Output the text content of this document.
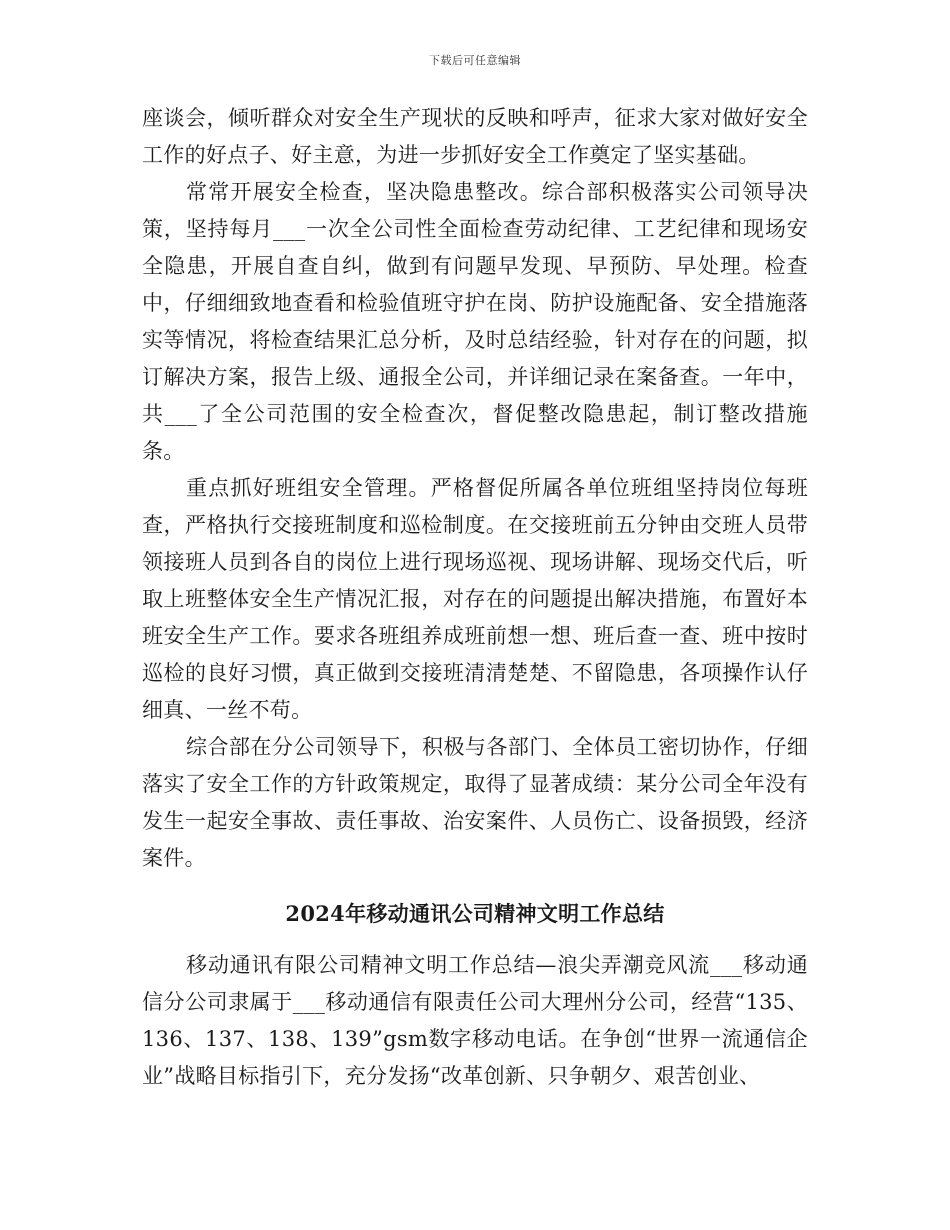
下载后可任意编辑

座谈会，倾听群众对安全生产现状的反映和呼声，征求大家对做好安全工作的好点子、好主意，为进一步抓好安全工作奠定了坚实基础。

常常开展安全检查，坚决隐患整改。综合部积极落实公司领导决策，坚持每月___一次全公司性全面检查劳动纪律、工艺纪律和现场安全隐患，开展自查自纠，做到有问题早发现、早预防、早处理。检查中，仔细细致地查看和检验值班守护在岗、防护设施配备、安全措施落实等情况，将检查结果汇总分析，及时总结经验，针对存在的问题，拟订解决方案，报告上级、通报全公司，并详细记录在案备查。一年中，共___了全公司范围的安全检查次，督促整改隐患起，制订整改措施条。

重点抓好班组安全管理。严格督促所属各单位班组坚持岗位每班查，严格执行交接班制度和巡检制度。在交接班前五分钟由交班人员带领接班人员到各自的岗位上进行现场巡视、现场讲解、现场交代后，听取上班整体安全生产情况汇报，对存在的问题提出解决措施，布置好本班安全生产工作。要求各班组养成班前想一想、班后查一查、班中按时巡检的良好习惯，真正做到交接班清清楚楚、不留隐患，各项操作认仔细真、一丝不苟。

综合部在分公司领导下，积极与各部门、全体员工密切协作，仔细落实了安全工作的方针政策规定，取得了显著成绩：某分公司全年没有发生一起安全事故、责任事故、治安案件、人员伤亡、设备损毁，经济案件。

2024年移动通讯公司精神文明工作总结

移动通讯有限公司精神文明工作总结—浪尖弄潮竞风流___移动通信分公司隶属于___移动通信有限责任公司大理州分公司，经营“135、136、137、138、139”gsm数字移动电话。在争创“世界一流通信企业”战略目标指引下，充分发扬“改革创新、只争朝夕、艰苦创业、
